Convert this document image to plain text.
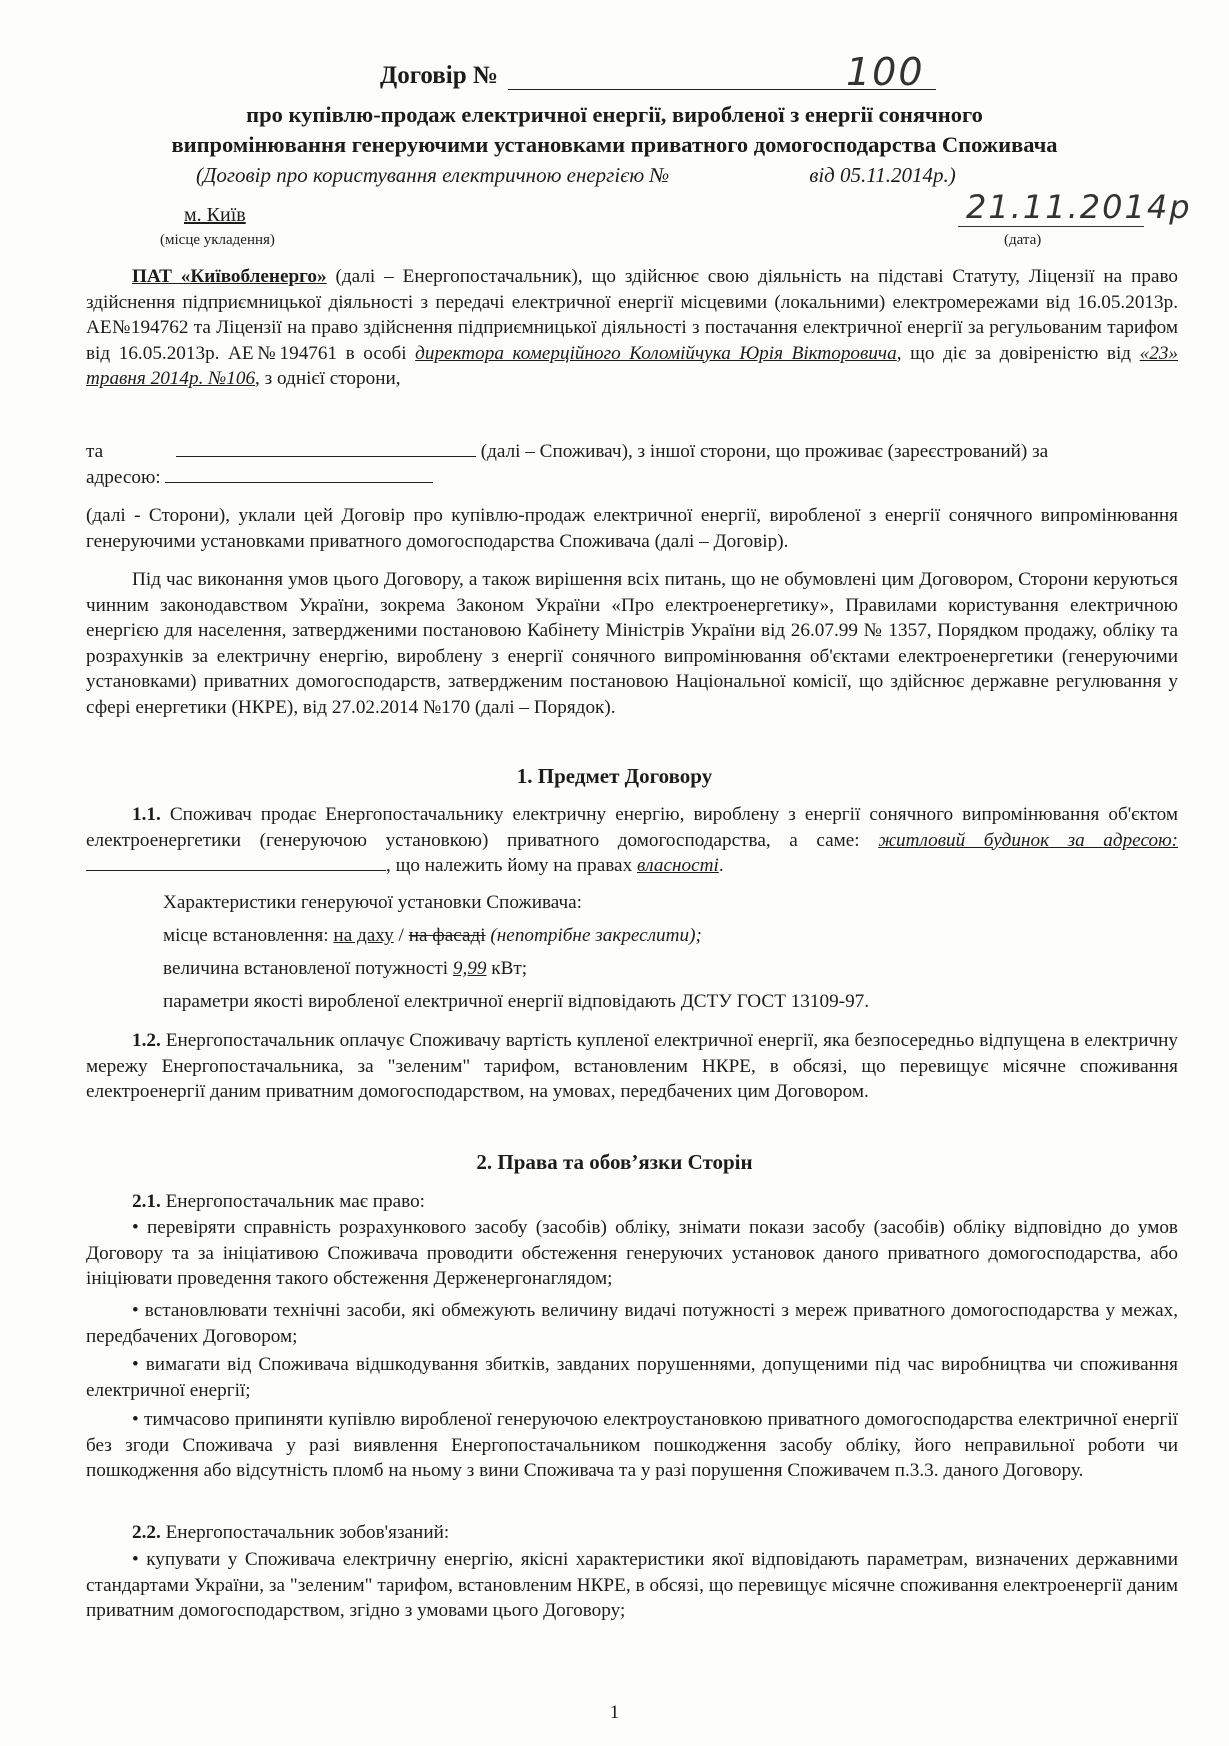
Договір №	100
про купівлю-продаж електричної енергії, виробленої з енергії сонячного
випромінювання генеруючими установками приватного домогосподарства Споживача
(Договір про користування електричною енергією №	від 05.11.2014р.)
м. Київ
(місце укладення)
21.11.2014р
(дата)
ПАТ «Київобленерго» (далі – Енергопостачальник), що здійснює свою діяльність на підставі Статуту, Ліцензії на право здійснення підприємницької діяльності з передачі електричної енергії місцевими (локальними) електромережами від 16.05.2013р. АЕ№194762 та Ліцензії на право здійснення підприємницької діяльності з постачання електричної енергії за регульованим тарифом від 16.05.2013р. АЕ№194761 в особі директора комерційного Коломійчука Юрія Вікторовича, що діє за довіреністю від «23» травня 2014р. №106, з однієї сторони,
та	(далі – Споживач), з іншої сторони, що проживає (зареєстрований) за
адресою:
(далі - Сторони), уклали цей Договір про купівлю-продаж електричної енергії, виробленої з енергії сонячного випромінювання генеруючими установками приватного домогосподарства Споживача (далі – Договір).
Під час виконання умов цього Договору, а також вирішення всіх питань, що не обумовлені цим Договором, Сторони керуються чинним законодавством України, зокрема Законом України «Про електроенергетику», Правилами користування електричною енергією для населення, затвердженими постановою Кабінету Міністрів України від 26.07.99 № 1357, Порядком продажу, обліку та розрахунків за електричну енергію, вироблену з енергії сонячного випромінювання об'єктами електроенергетики (генеруючими установками) приватних домогосподарств, затвердженим постановою Національної комісії, що здійснює державне регулювання у сфері енергетики (НКРЕ), від 27.02.2014 №170 (далі – Порядок).
1. Предмет Договору
1.1. Споживач продає Енергопостачальнику електричну енергію, вироблену з енергії сонячного випромінювання об'єктом електроенергетики (генеруючою установкою) приватного домогосподарства, а саме: житловий будинок за адресою:, що належить йому на правах власності.
Характеристики генеруючої установки Споживача:
місце встановлення: на даху / на фасаді (непотрібне закреслити);
величина встановленої потужності 9,99 кВт;
параметри якості виробленої електричної енергії відповідають ДСТУ ГОСТ 13109-97.
1.2. Енергопостачальник оплачує Споживачу вартість купленої електричної енергії, яка безпосередньо відпущена в електричну мережу Енергопостачальника, за "зеленим" тарифом, встановленим НКРЕ, в обсязі, що перевищує місячне споживання електроенергії даним приватним домогосподарством, на умовах, передбачених цим Договором.
2. Права та обов’язки Сторін
2.1. Енергопостачальник має право:
• перевіряти справність розрахункового засобу (засобів) обліку, знімати покази засобу (засобів) обліку відповідно до умов Договору та за ініціативою Споживача проводити обстеження генеруючих установок даного приватного домогосподарства, або ініціювати проведення такого обстеження Держенергонаглядом;
• встановлювати технічні засоби, які обмежують величину видачі потужності з мереж приватного домогосподарства у межах, передбачених Договором;
• вимагати від Споживача відшкодування збитків, завданих порушеннями, допущеними під час виробництва чи споживання електричної енергії;
• тимчасово припиняти купівлю виробленої генеруючою електроустановкою приватного домогосподарства електричної енергії без згоди Споживача у разі виявлення Енергопостачальником пошкодження засобу обліку, його неправильної роботи чи пошкодження або відсутність пломб на ньому з вини Споживача та у разі порушення Споживачем п.3.3. даного Договору.
2.2. Енергопостачальник зобов'язаний:
• купувати у Споживача електричну енергію, якісні характеристики якої відповідають параметрам, визначених державними стандартами України, за "зеленим" тарифом, встановленим НКРЕ, в обсязі, що перевищує місячне споживання електроенергії даним приватним домогосподарством, згідно з умовами цього Договору;
1
